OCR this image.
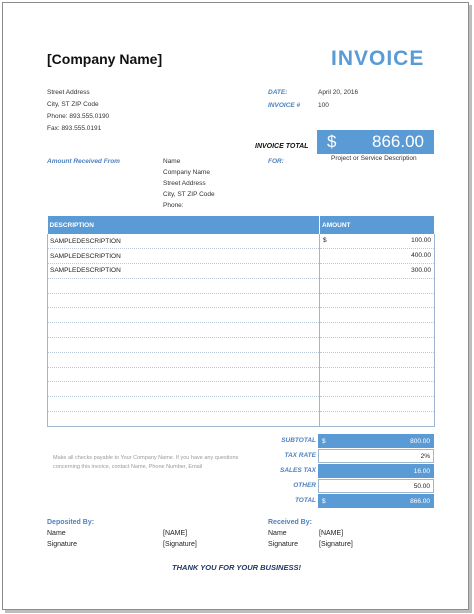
[Company Name]	INVOICE
Street Address
City, ST ZIP Code
Phone: 893.555.0190
Fax: 893.555.0191
DATE:	April 20, 2016
INVOICE #	100
INVOICE TOTAL $ 866.00
Project or Service Description
FOR:
Amount Received From	Name
Company Name
Street Address
City, ST ZIP Code
Phone:
DESCRIPTION	AMOUNT
SAMPLEDESCRIPTION	$ 100.00

SAMPLEDESCRIPTION	400.00

SAMPLEDESCRIPTION	300.00

Make all checks payable to Your Company Name. If you have any questions concerning this invoice, contact Name, Phone Number, Email
SUBTOTAL $	800.00
TAX RATE	2%
SALES TAX	16.00
OTHER	50.00
TOTAL $	866.00
Deposited By:
Name	[NAME]
Signature	[Signature]
Received By:
Name	[NAME]
Signature	[Signature]
THANK YOU FOR YOUR BUSINESS!
